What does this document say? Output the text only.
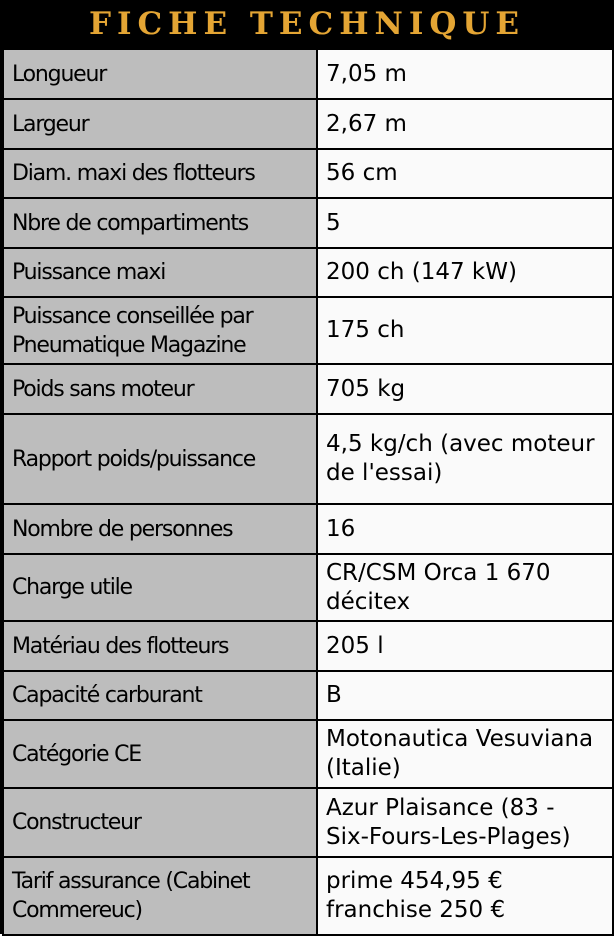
FICHE TECHNIQUE
Longueur	7,05 m
Largeur	2,67 m
Diam. maxi des flotteurs	56 cm
Nbre de compartiments	5
Puissance maxi	200 ch (147 kW)
Puissance conseillée par Pneumatique Magazine	175 ch
Poids sans moteur	705 kg
Rapport poids/puissance	4,5 kg/ch (avec moteur de l'essai)
Nombre de personnes	16
Charge utile	CR/CSM Orca 1 670 décitex
Matériau des flotteurs	205 l
Capacité carburant	B
Catégorie CE	Motonautica Vesuviana (Italie)
Constructeur	Azur Plaisance (83 - Six-Fours-Les-Plages)
Tarif assurance (Cabinet Commereuc)	prime 454,95 € franchise 250 €
